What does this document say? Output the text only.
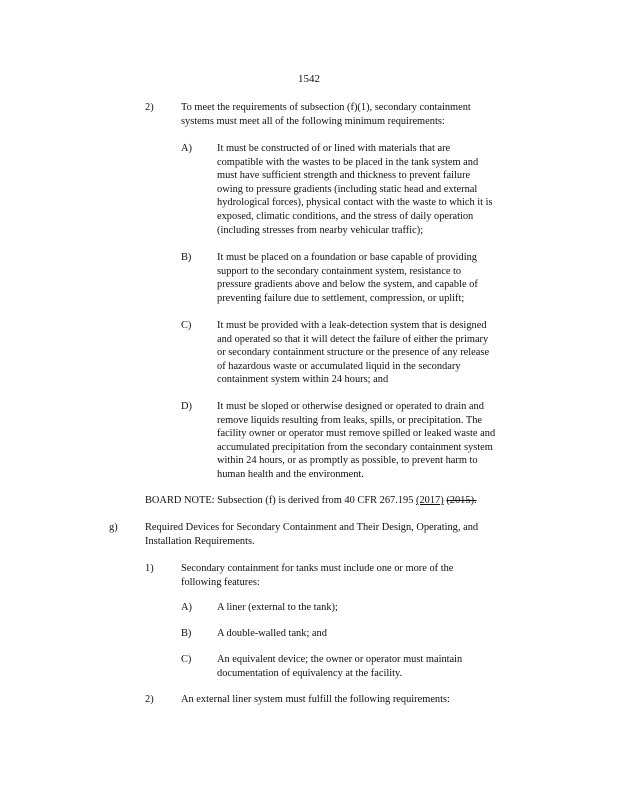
1542
2)	To meet the requirements of subsection (f)(1), secondary containment
systems must meet all of the following minimum requirements:
A) It must be constructed of or lined with materials that are
compatible with the wastes to be placed in the tank system and
must have sufficient strength and thickness to prevent failure
owing to pressure gradients (including static head and external
hydrological forces), physical contact with the waste to which it is
exposed, climatic conditions, and the stress of daily operation
(including stresses from nearby vehicular traffic);
B) It must be placed on a foundation or base capable of providing
support to the secondary containment system, resistance to
pressure gradients above and below the system, and capable of
preventing failure due to settlement, compression, or uplift;
C) It must be provided with a leak-detection system that is designed
and operated so that it will detect the failure of either the primary
or secondary containment structure or the presence of any release
of hazardous waste or accumulated liquid in the secondary
containment system within 24 hours; and
D) It must be sloped or otherwise designed or operated to drain and
remove liquids resulting from leaks, spills, or precipitation. The
facility owner or operator must remove spilled or leaked waste and
accumulated precipitation from the secondary containment system
within 24 hours, or as promptly as possible, to prevent harm to
human health and the environment.
BOARD NOTE: Subsection (f) is derived from 40 CFR 267.195 (2017) (2015).
g)	Required Devices for Secondary Containment and Their Design, Operating, and
Installation Requirements.
1)	Secondary containment for tanks must include one or more of the
following features:
A) A liner (external to the tank);
B) A double-walled tank; and
C) An equivalent device; the owner or operator must maintain
documentation of equivalency at the facility.
2)	An external liner system must fulfill the following requirements:
